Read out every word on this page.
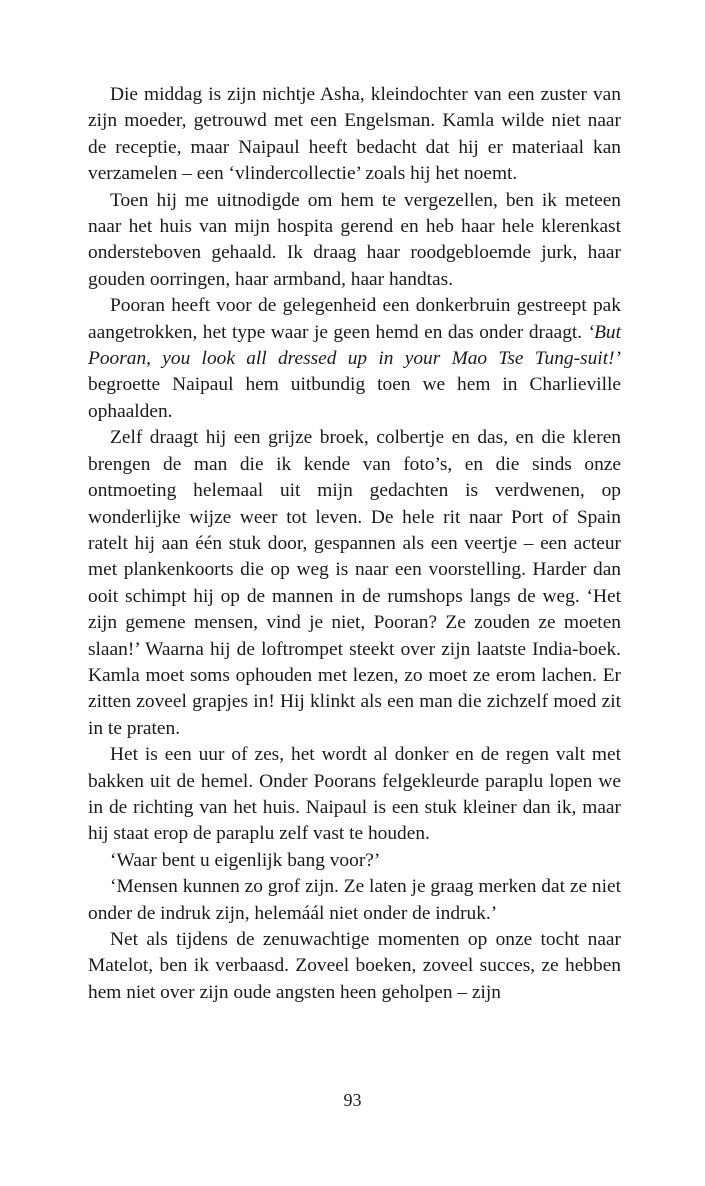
Die middag is zijn nichtje Asha, kleindochter van een zuster van zijn moeder, getrouwd met een Engelsman. Kamla wilde niet naar de receptie, maar Naipaul heeft bedacht dat hij er materiaal kan verzamelen – een ‘vlindercollectie’ zoals hij het noemt.

Toen hij me uitnodigde om hem te vergezellen, ben ik meteen naar het huis van mijn hospita gerend en heb haar hele klerenkast ondersteboven gehaald. Ik draag haar roodgebloemde jurk, haar gouden oorringen, haar armband, haar handtas.

Pooran heeft voor de gelegenheid een donkerbruin gestreept pak aangetrokken, het type waar je geen hemd en das onder draagt. ‘But Pooran, you look all dressed up in your Mao Tse Tung-suit!’ begroette Naipaul hem uitbundig toen we hem in Charlieville ophaalden.

Zelf draagt hij een grijze broek, colbertje en das, en die kleren brengen de man die ik kende van foto’s, en die sinds onze ontmoeting helemaal uit mijn gedachten is verdwenen, op wonderlijke wijze weer tot leven. De hele rit naar Port of Spain ratelt hij aan één stuk door, gespannen als een veertje – een acteur met plankenkoorts die op weg is naar een voorstelling. Harder dan ooit schimpt hij op de mannen in de rumshops langs de weg. ‘Het zijn gemene mensen, vind je niet, Pooran? Ze zouden ze moeten slaan!’ Waarna hij de loftrompet steekt over zijn laatste India-boek. Kamla moet soms ophouden met lezen, zo moet ze erom lachen. Er zitten zoveel grapjes in! Hij klinkt als een man die zichzelf moed zit in te praten.

Het is een uur of zes, het wordt al donker en de regen valt met bakken uit de hemel. Onder Poorans felgekleurde paraplu lopen we in de richting van het huis. Naipaul is een stuk kleiner dan ik, maar hij staat erop de paraplu zelf vast te houden.

‘Waar bent u eigenlijk bang voor?’

‘Mensen kunnen zo grof zijn. Ze laten je graag merken dat ze niet onder de indruk zijn, helemáál niet onder de indruk.’

Net als tijdens de zenuwachtige momenten op onze tocht naar Matelot, ben ik verbaasd. Zoveel boeken, zoveel succes, ze hebben hem niet over zijn oude angsten heen geholpen – zijn

93
